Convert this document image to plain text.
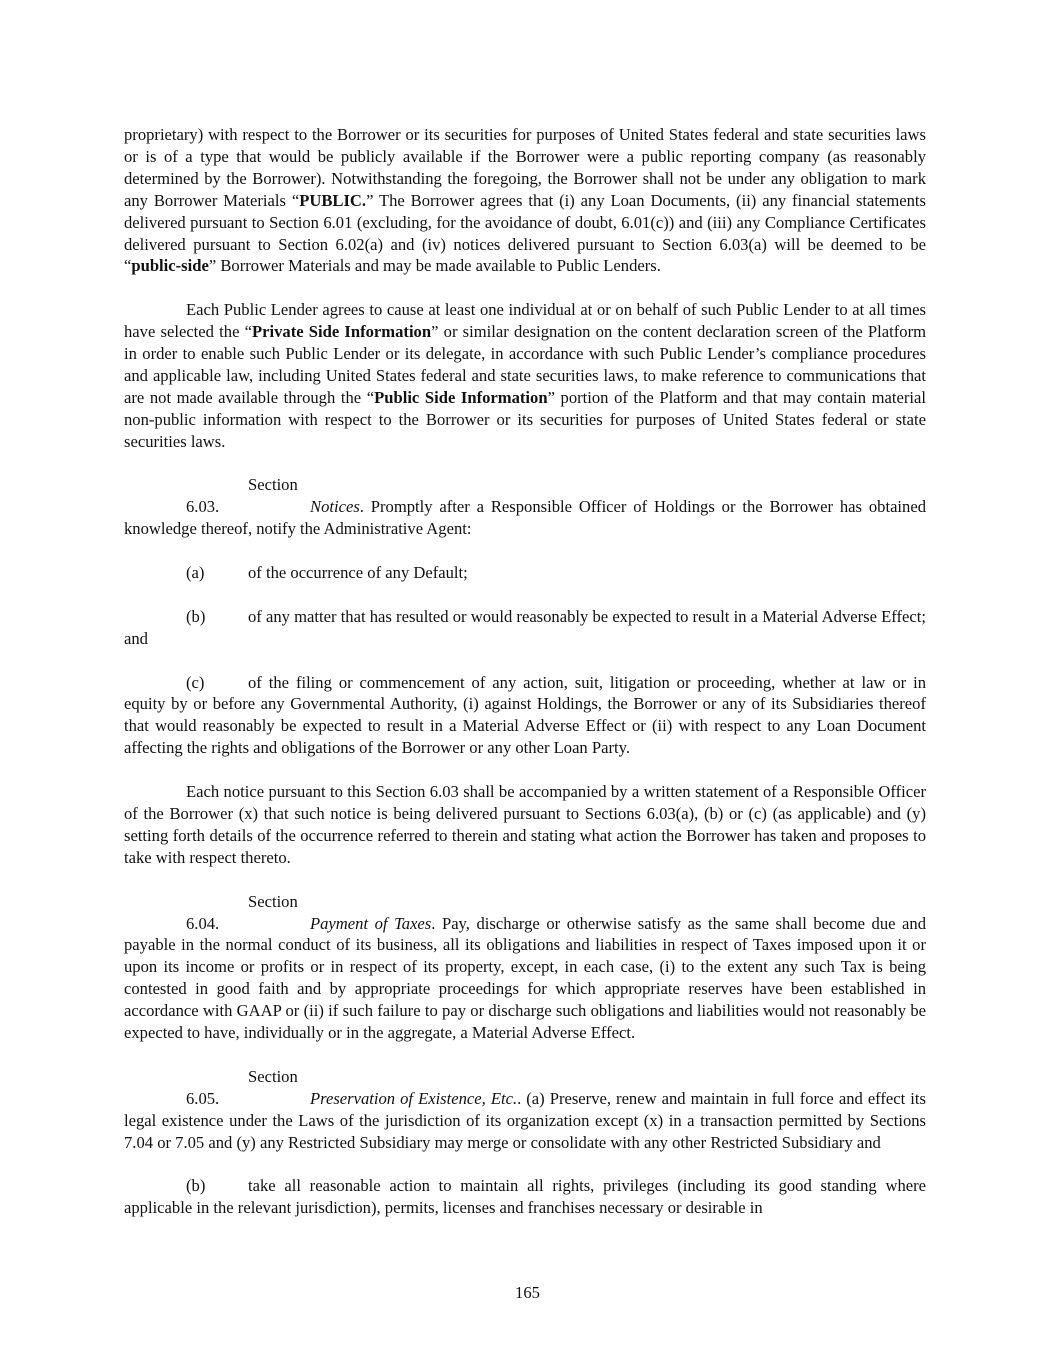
proprietary) with respect to the Borrower or its securities for purposes of United States federal and state securities laws or is of a type that would be publicly available if the Borrower were a public reporting company (as reasonably determined by the Borrower). Notwithstanding the foregoing, the Borrower shall not be under any obligation to mark any Borrower Materials “PUBLIC.” The Borrower agrees that (i) any Loan Documents, (ii) any financial statements delivered pursuant to Section 6.01 (excluding, for the avoidance of doubt, 6.01(c)) and (iii) any Compliance Certificates delivered pursuant to Section 6.02(a) and (iv) notices delivered pursuant to Section 6.03(a) will be deemed to be “public-side” Borrower Materials and may be made available to Public Lenders.

Each Public Lender agrees to cause at least one individual at or on behalf of such Public Lender to at all times have selected the “Private Side Information” or similar designation on the content declaration screen of the Platform in order to enable such Public Lender or its delegate, in accordance with such Public Lender’s compliance procedures and applicable law, including United States federal and state securities laws, to make reference to communications that are not made available through the “Public Side Information” portion of the Platform and that may contain material non-public information with respect to the Borrower or its securities for purposes of United States federal or state securities laws.

Section 6.03.	Notices. Promptly after a Responsible Officer of Holdings or the Borrower has obtained knowledge thereof, notify the Administrative Agent:

(a)	of the occurrence of any Default;

(b)	of any matter that has resulted or would reasonably be expected to result in a Material Adverse Effect; and

(c)	of the filing or commencement of any action, suit, litigation or proceeding, whether at law or in equity by or before any Governmental Authority, (i) against Holdings, the Borrower or any of its Subsidiaries thereof that would reasonably be expected to result in a Material Adverse Effect or (ii) with respect to any Loan Document affecting the rights and obligations of the Borrower or any other Loan Party.

Each notice pursuant to this Section 6.03 shall be accompanied by a written statement of a Responsible Officer of the Borrower (x) that such notice is being delivered pursuant to Sections 6.03(a), (b) or (c) (as applicable) and (y) setting forth details of the occurrence referred to therein and stating what action the Borrower has taken and proposes to take with respect thereto.

Section 6.04.	Payment of Taxes. Pay, discharge or otherwise satisfy as the same shall become due and payable in the normal conduct of its business, all its obligations and liabilities in respect of Taxes imposed upon it or upon its income or profits or in respect of its property, except, in each case, (i) to the extent any such Tax is being contested in good faith and by appropriate proceedings for which appropriate reserves have been established in accordance with GAAP or (ii) if such failure to pay or discharge such obligations and liabilities would not reasonably be expected to have, individually or in the aggregate, a Material Adverse Effect.

Section 6.05.	Preservation of Existence, Etc.. (a) Preserve, renew and maintain in full force and effect its legal existence under the Laws of the jurisdiction of its organization except (x) in a transaction permitted by Sections 7.04 or 7.05 and (y) any Restricted Subsidiary may merge or consolidate with any other Restricted Subsidiary and

(b)	take all reasonable action to maintain all rights, privileges (including its good standing where applicable in the relevant jurisdiction), permits, licenses and franchises necessary or desirable in

165
